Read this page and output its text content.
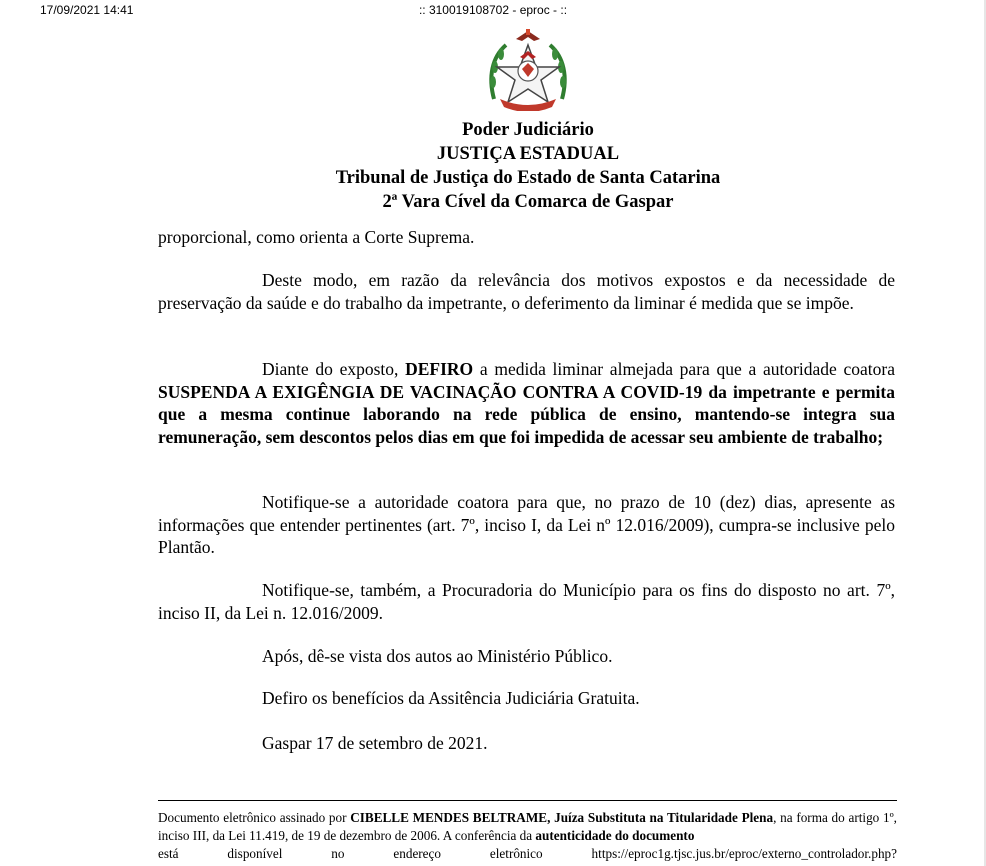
17/09/2021 14:41	:: 310019108702 - eproc - ::
Poder Judiciário
JUSTIÇA ESTADUAL
Tribunal de Justiça do Estado de Santa Catarina
2ª Vara Cível da Comarca de Gaspar

proporcional, como orienta a Corte Suprema.

Deste modo, em razão da relevância dos motivos expostos e da necessidade de preservação da saúde e do trabalho da impetrante, o deferimento da liminar é medida que se impõe.

Diante do exposto, DEFIRO a medida liminar almejada para que a autoridade coatora SUSPENDA A EXIGÊNGIA DE VACINAÇÃO CONTRA A COVID-19 da impetrante e permita que a mesma continue laborando na rede pública de ensino, mantendo-se integra sua remuneração, sem descontos pelos dias em que foi impedida de acessar seu ambiente de trabalho;

Notifique-se a autoridade coatora para que, no prazo de 10 (dez) dias, apresente as informações que entender pertinentes (art. 7º, inciso I, da Lei nº 12.016/2009), cumpra-se inclusive pelo Plantão.

Notifique-se, também, a Procuradoria do Município para os fins do disposto no art. 7º, inciso II, da Lei n. 12.016/2009.

Após, dê-se vista dos autos ao Ministério Público.

Defiro os benefícios da Assitência Judiciária Gratuita.

Gaspar 17 de setembro de 2021.

Documento eletrônico assinado por CIBELLE MENDES BELTRAME, Juíza Substituta na Titularidade Plena, na forma do artigo 1º, inciso III, da Lei 11.419, de 19 de dezembro de 2006. A conferência da autenticidade do documento
está disponível no endereço eletrônico https://eproc1g.tjsc.jus.br/eproc/externo_controlador.php?
